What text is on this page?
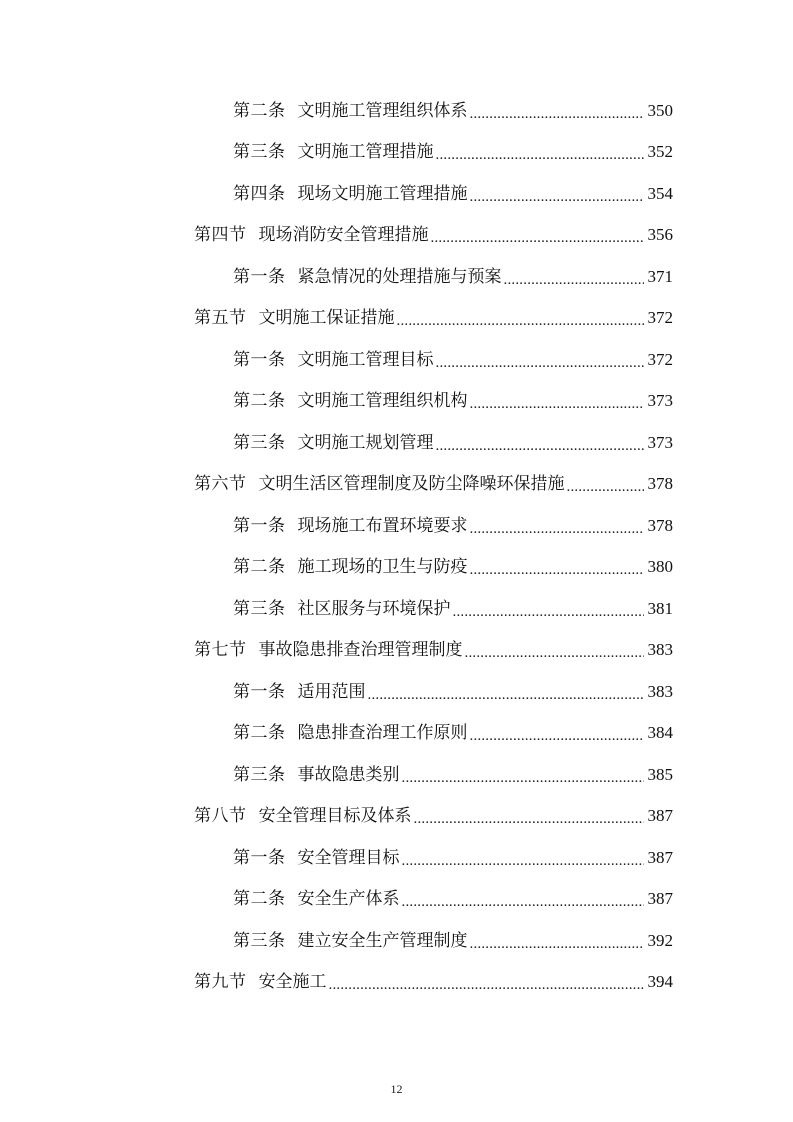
第二条 文明施工管理组织体系 .....	350
第三条 文明施工管理措施 .....	352
第四条 现场文明施工管理措施 .....	354
第四节 现场消防安全管理措施 .....	356
第一条 紧急情况的处理措施与预案 .....	371
第五节 文明施工保证措施 .....	372
第一条 文明施工管理目标 .....	372
第二条 文明施工管理组织机构 .....	373
第三条 文明施工规划管理 .....	373
第六节 文明生活区管理制度及防尘降噪环保措施 .....	378
第一条 现场施工布置环境要求 .....	378
第二条 施工现场的卫生与防疫 .....	380
第三条 社区服务与环境保护 .....	381
第七节 事故隐患排查治理管理制度 .....	383
第一条 适用范围 .....	383
第二条 隐患排查治理工作原则 .....	384
第三条 事故隐患类别 .....	385
第八节 安全管理目标及体系 .....	387
第一条 安全管理目标 .....	387
第二条 安全生产体系 .....	387
第三条 建立安全生产管理制度 .....	392
第九节 安全施工 .....	394
12
